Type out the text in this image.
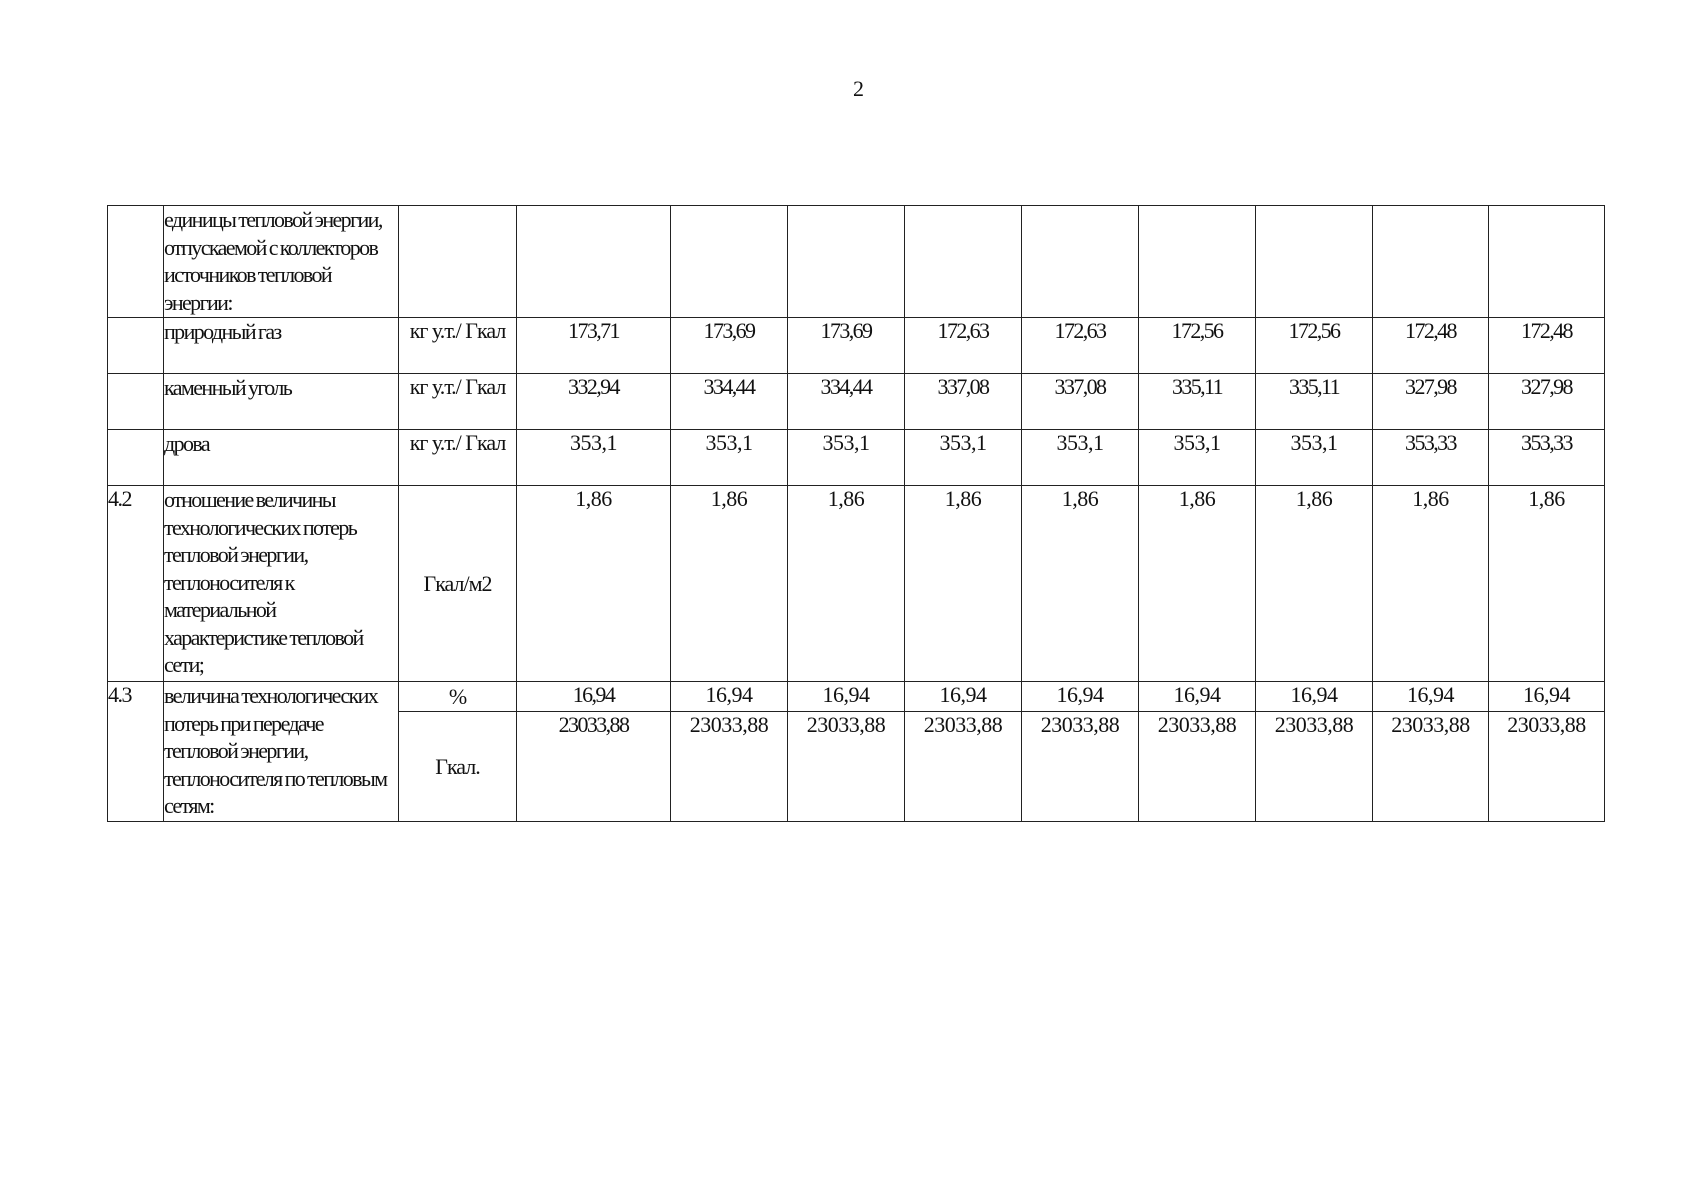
2
	единицы тепловой энергии, отпускаемой с коллекторов источников тепловой энергии:										
	природный газ	кг у.т./ Гкал	173,71	173,69	173,69	172,63	172,63	172,56	172,56	172,48	172,48
	каменный уголь	кг у.т./ Гкал	332,94	334,44	334,44	337,08	337,08	335,11	335,11	327,98	327,98
	дрова	кг у.т./ Гкал	353,1	353,1	353,1	353,1	353,1	353,1	353,1	353,33	353,33
4.2	отношение величины технологических потерь тепловой энергии, теплоносителя к материальной характеристике тепловой сети;	Гкал/м2	1,86	1,86	1,86	1,86	1,86	1,86	1,86	1,86	1,86
4.3	величина технологических потерь при передаче тепловой энергии, теплоносителя по тепловым сетям:	%	16,94	16,94	16,94	16,94	16,94	16,94	16,94	16,94	16,94
		Гкал.	23033,88	23033,88	23033,88	23033,88	23033,88	23033,88	23033,88	23033,88	23033,88
